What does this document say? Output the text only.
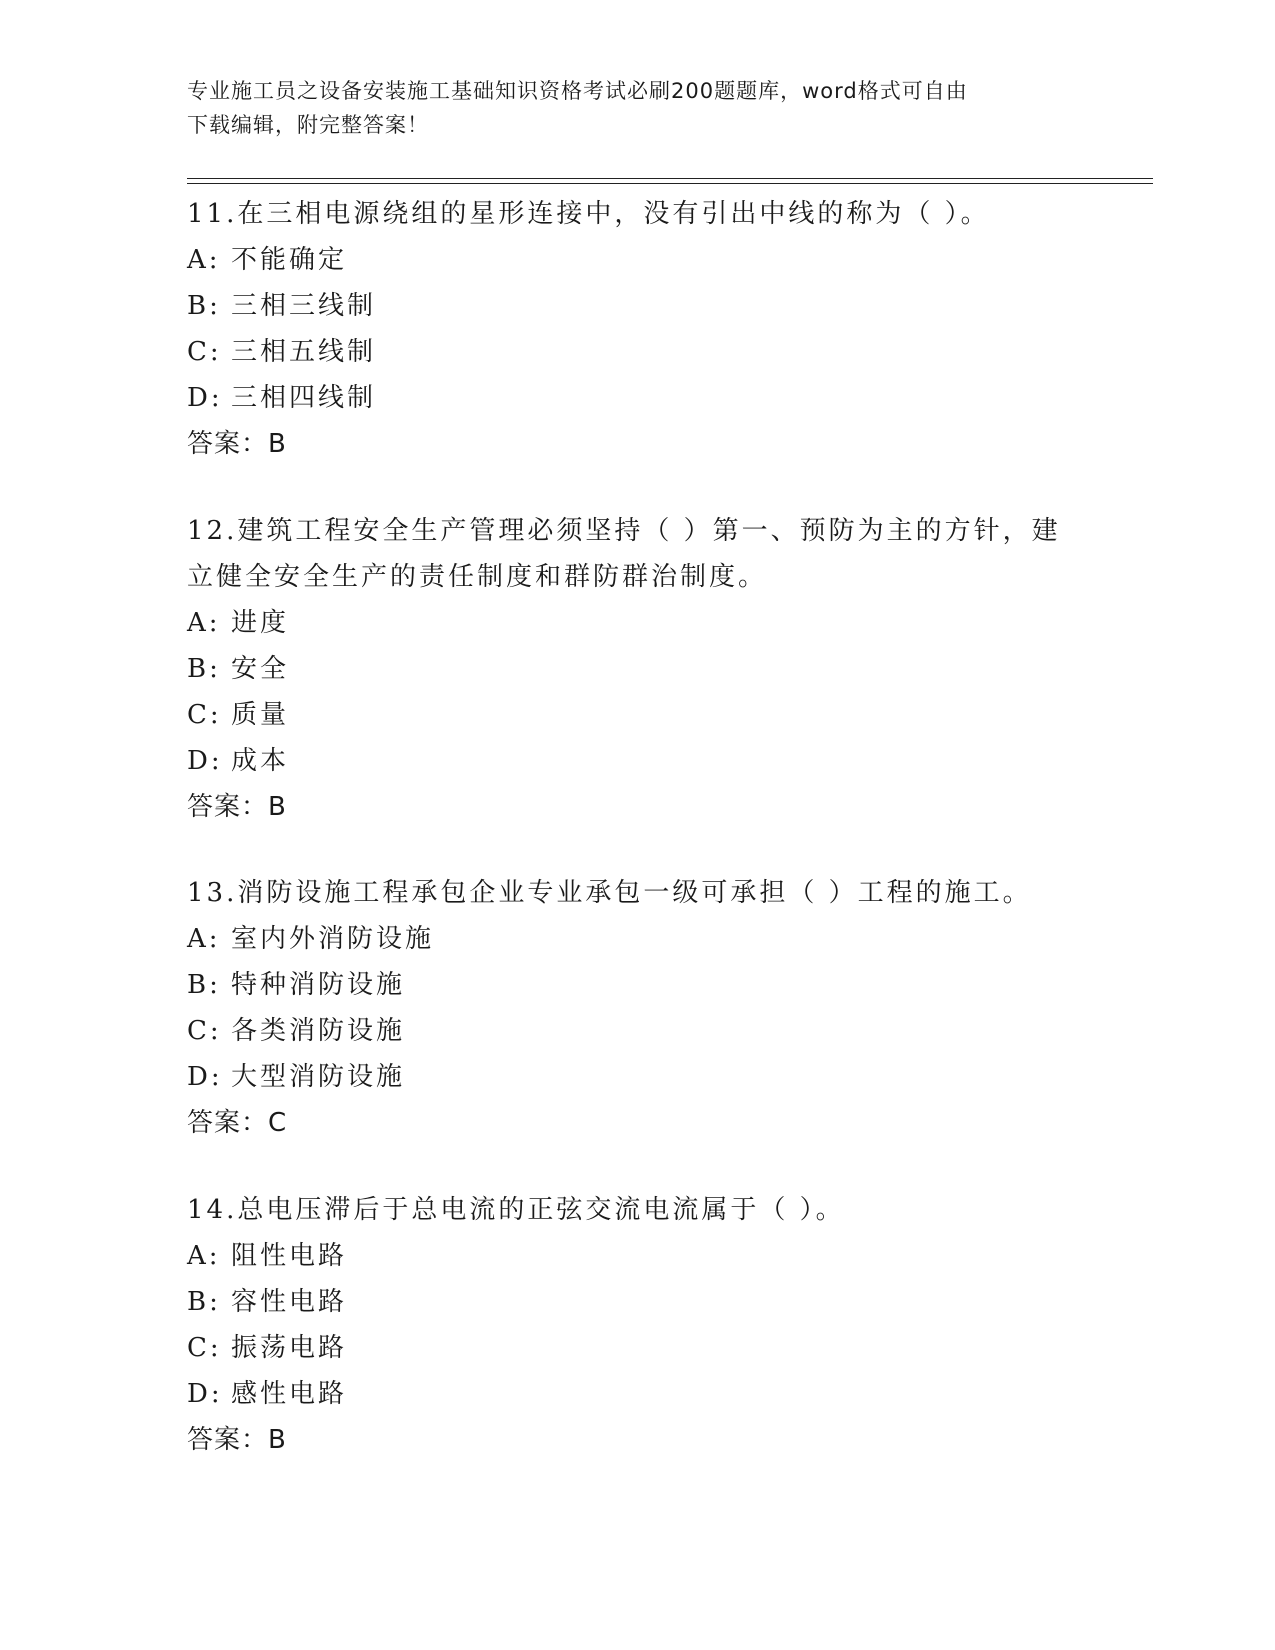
专业施工员之设备安装施工基础知识资格考试必刷200题题库，word格式可自由
下载编辑，附完整答案！

11.在三相电源绕组的星形连接中，没有引出中线的称为（ ）。

A: 不能确定
B: 三相三线制
C: 三相五线制
D: 三相四线制

答案：B

12.建筑工程安全生产管理必须坚持（ ）第一、预防为主的方针，建

立健全安全生产的责任制度和群防群治制度。

A: 进度
B: 安全
C: 质量
D: 成本

答案：B

13.消防设施工程承包企业专业承包一级可承担（ ）工程的施工。

A: 室内外消防设施
B: 特种消防设施
C: 各类消防设施
D: 大型消防设施

答案：C

14.总电压滞后于总电流的正弦交流电流属于（ ）。

A: 阻性电路
B: 容性电路
C: 振荡电路
D: 感性电路

答案：B
